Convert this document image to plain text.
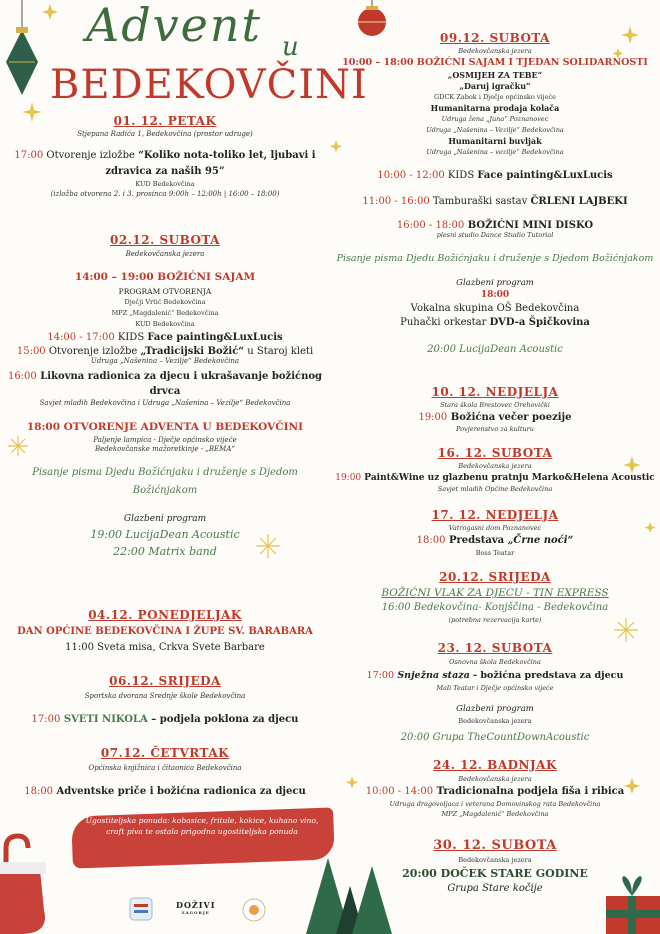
Advent u
BEDEKOVČINI
01. 12. PETAK
Stjepana Radića 1, Bedekovčina (prostor udruge)
17:00 Otvorenje izložbe “Koliko nota-toliko let, ljubavi i
zdravica za naših 95”
KUD Bedekovčina
(izložba otvorena 2. i 3. prosinca 9:00h – 12:00h | 16:00 – 18:00)
02.12. SUBOTA
Bedekovčanska jezera
14:00 – 19:00 BOŽIĆNI SAJAM
PROGRAM OTVORENJA
Dječji Vrtić Bedekovčina
MPZ „Magdalenić“ Bedekovčina
KUD Bedekovčina
14:00 - 17:00 KIDS Face painting&LuxLucis
15:00 Otvorenje izložbe „Tradicijski Božić“ u Staroj kleti
Udruga „Našenina – Vezilje“ Bedekovčina
16:00 Likovna radionica za djecu i ukrašavanje božićnog
drvca
Savjet mladih Bedekovčina i Udruga „Našenina – Vezilje“ Bedekovčina
18:00 OTVORENJE ADVENTA U BEDEKOVČINI
Paljenje lampica - Dječje općinsko vijeće
Bedekovčanske mažoretkinje - „BEMA“
Pisanje pisma Djedu Božićnjaku i druženje s Djedom
Božićnjakom
Glazbeni program
19:00 LucijaDean Acoustic
22:00 Matrix band
04.12. PONEDJELJAK
DAN OPĆINE BEDEKOVČINA I ŽUPE SV. BARABARA
11:00 Sveta misa, Crkva Svete Barbare
06.12. SRIJEDA
Sportska dvorana Srednje škole Bedekovčina
17:00 SVETI NIKOLA – podjela poklona za djecu
07.12. ČETVRTAK
Općinska knjižnica i čitaonica Bedekovčina
18:00 Adventske priče i božićna radionica za djecu
Ugostiteljska ponuda: kobasice, fritule, kokice, kuhano vino, craft piva te ostala prigodna ugostiteljska ponuda
DOŽIVI
ZAGORJE
09.12. SUBOTA
Bedekovčanska jezera
10:00 – 18:00 BOŽIĆNI SAJAM I TJEDAN SOLIDARNOSTI
„OSMIJEH ZA TEBE“
„Daruj igračku“
GDCK Zabok i Dječje općinsko vijeće
Humanitarna prodaja kolača
Udruga žena „Juna“ Poznanovec
Udruga „Našenina – Vezilje“ Bedekovčina
Humanitarni buvljak
Udruga „Našenina – vezilje“ Bedekovčina
10:00 - 12:00 KIDS Face painting&LuxLucis
11:00 - 16:00 Tamburaški sastav ČRLENI LAJBEKI
16:00 - 18:00 BOŽIĆNI MINI DISKO
plesni studio Dance Studio Tutorial
Pisanje pisma Djedu Božićnjaku i druženje s Djedom Božićnjakom
Glazbeni program
18:00
Vokalna skupina OŠ Bedekovčina
Puhački orkestar DVD-a Špičkovina
20:00 LucijaDean Acoustic
10. 12. NEDJELJA
Stara škola Brestovec Orehovički
19:00 Božićna večer poezije
Povjerenstvo za kulturu
16. 12. SUBOTA
Bedekovčanska jezera
19:00 Paint&Wine uz glazbenu pratnju Marko&Helena Acoustic
Savjet mladih Općine Bedekovčina
17. 12. NEDJELJA
Vatrogasni dom Poznanovec
18:00 Predstava „Črne noći“
Boss Teatar
20.12. SRIJEDA
BOŽIĆNI VLAK ZA DJECU - TIN EXPRESS
16:00 Bedekovčina- Konjščina - Bedekovčina
(potrebna rezervacija karte)
23. 12. SUBOTA
Osnovna škola Bedekovčina
17:00 Snježna staza - božićna predstava za djecu
Mali Teatar i Dječje općinsko vijeće
Glazbeni program
Bedekovčanska jezera
20:00 Grupa TheCountDownAcoustic
24. 12. BADNJAK
Bedekovčanska jezera
10:00 - 14:00 Tradicionalna podjela fiša i ribica
Udruga dragovoljaca i veterana Domovinskog rata Bedekovčina
MPZ „Magdalenić“ Bedekovčina
30. 12. SUBOTA
Bedekovčanska jezera
20:00 DOČEK STARE GODINE
Grupa Stare kočije
